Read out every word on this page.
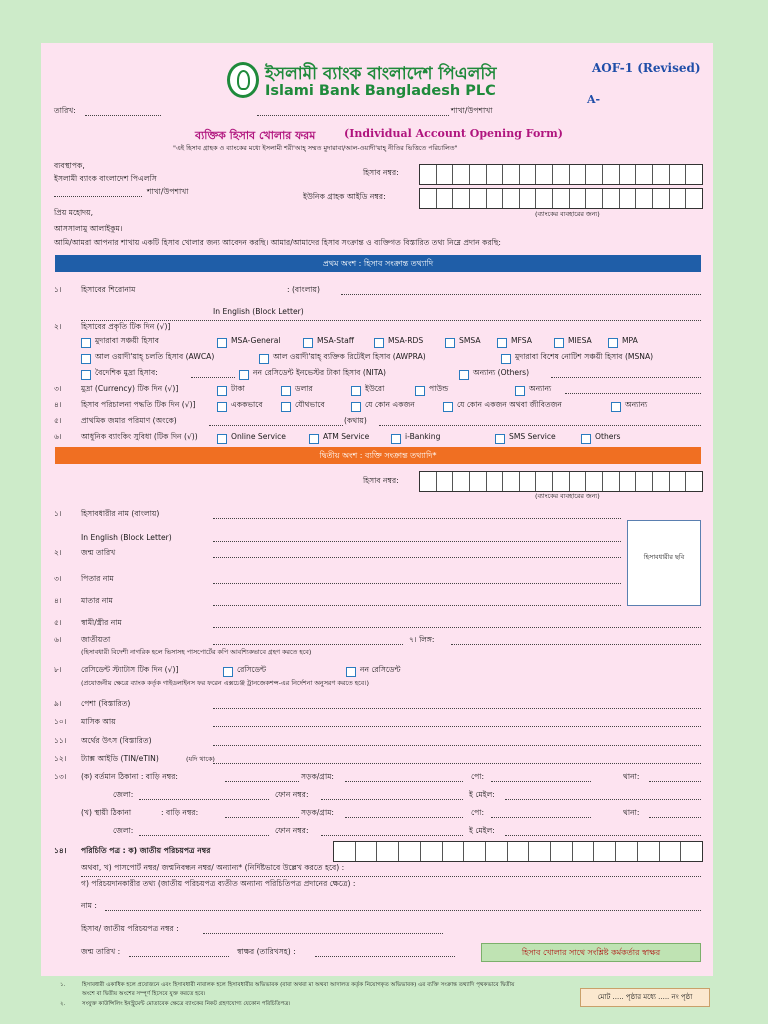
ইসলামী ব্যাংক বাংলাদেশ পিএলসি
Islami Bank Bangladesh PLC
AOF-1 (Revised)
A-
তারিখ:	শাখা/উপশাখা
ব্যক্তিক হিসাব খোলার ফরম	(Individual Account Opening Form)
"এই হিসাব গ্রাহক ও ব্যাংকের মধ্যে ইসলামী শরী'আহ্ সম্মত মুদারাবা/আল-ওয়াদী'য়াহ্ নীতির ভিত্তিতে পরিচালিত"
ব্যবস্থাপক,
ইসলামী ব্যাংক বাংলাদেশ পিএলসি
শাখা/উপশাখা
হিসাব নম্বর:
ইউনিক গ্রাহক আইডি নম্বর:
(ব্যাংকের ব্যবহারের জন্য)
প্রিয় মহোদয়,
আসসালামু আলাইকুম।
আমি/আমরা আপনার শাখায় একটি হিসাব খোলার জন্য আবেদন করছি। আমার/আমাদের হিসাব সংক্রান্ত ও ব্যক্তিগত বিস্তারিত তথ্য নিম্নে প্রদান করছি:
প্রথম অংশ : হিসাব সংক্রান্ত তথ্যাদি
১।	হিসাবের শিরোনাম	: (বাংলায়)
In English (Block Letter)
২।	হিসাবের প্রকৃতি টিক দিন (√)]
মুদারাবা সঞ্চয়ী হিসাব	MSA-General	MSA-Staff	MSA-RDS	SMSA	MFSA	MIESA	MPA
আল ওয়াদী'য়াহ্ চলতি হিসাব (AWCA)	আল ওয়াদী'য়াহ্ ব্যক্তিক রিটেইল হিসাব (AWPRA)	মুদারাবা বিশেষ নোটিশ সঞ্চয়ী হিসাব (MSNA)
বৈদেশিক মুদ্রা হিসাব:	নন রেসিডেন্ট ইনভেস্টর টাকা হিসাব (NITA)	অন্যান্য (Others)
৩।	মুদ্রা (Currency) টিক দিন (√)]	টাকা	ডলার	ইউরো	পাউন্ড	অন্যান্য
৪।	হিসাব পরিচালনা পদ্ধতি টিক দিন (√)]	এককভাবে	যৌথভাবে	যে কোন একজন	যে কোন একজন অথবা জীবিতজন	অন্যান্য
৫।	প্রাথমিক জমার পরিমাণ (অংকে)	(কথায়)
৬।	আধুনিক ব্যাংকিং সুবিধা (টিক দিন (√))	Online Service	ATM Service	i-Banking	SMS Service	Others
দ্বিতীয় অংশ : ব্যক্তি সংক্রান্ত তথ্যাদি*
হিসাব নম্বর:
(ব্যাংকের ব্যবহারের জন্য)
হিসাবধারীর ছবি
১।	হিসাবধারীর নাম (বাংলায়)
In English (Block Letter)
২।	জন্ম তারিখ
৩।	পিতার নাম
৪।	মাতার নাম
৫।	স্বামী/স্ত্রীর নাম
৬।	জাতীয়তা	৭। লিঙ্গ:
(হিসাবধারী বিদেশী নাগরিক হলে ভিসাসহ পাসপোর্টের কপি আবশ্যিকভাবে গ্রহণ করতে হবে)
৮।	রেসিডেন্ট স্ট্যাটাস টিক দিন (√)]	রেসিডেন্ট	নন রেসিডেন্ট
(প্রযোজনীয় ক্ষেত্রে ব্যাংক কর্তৃক গাইডলাইনস ফর ফরেন এক্সচেঞ্জ ট্রানজেকশন্স-এর নির্দেশনা অনুসরণ করতে হবে।)
৯।	পেশা (বিস্তারিত)
১০। মাসিক আয়
১১। অর্থের উৎস (বিস্তারিত)
১২। ট্যাক্স আইডি (TIN/eTIN)	(যদি থাকে)
১৩। (ক) বর্তমান ঠিকানা : বাড়ি নম্বর:	সড়ক/গ্রাম:	পো:	থানা:
জেলা:	ফোন নম্বর:	ই মেইল:
(খ) স্থায়ী ঠিকানা	: বাড়ি নম্বর:	সড়ক/গ্রাম:	পো:	থানা:
জেলা:	ফোন নম্বর:	ই মেইল:
১৪। পরিচিতি পত্র : ক) জাতীয় পরিচয়পত্র নম্বর
অথবা, খ) পাসপোর্ট নম্বর/ জন্মনিবন্ধন নম্বর/ অন্যান্য* (নির্দিষ্টভাবে উল্লেখ করতে হবে) :
গ) পরিচয়দানকারীর তথ্য (জাতীয় পরিচয়পত্র ব্যতীত অন্যান্য পরিচিতিপত্র প্রদানের ক্ষেত্রে) :
নাম :
হিসাব/ জাতীয় পরিচয়পত্র নম্বর :
জন্ম তারিখ :	স্বাক্ষর (তারিখসহ) :	হিসাব খোলার সাথে সংশ্লিষ্ট কর্মকর্তার স্বাক্ষর
১.	হিসাবধারী একাধিক হলে প্রযোজনে এবং হিসাবধারী নাবালক হলে হিসাবধারীর অভিভাবক (বাবা অথবা মা অথবা আদালত কর্তৃক নিয়োগকৃত অভিভাবক) এর ব্যক্তি সংক্রান্ত তথ্যাদি পৃথকভাবে দ্বিতীয়
অংশে বা দ্বিতীয় অংশের সম্পূর্ণ হিসেবে যুক্ত করতে হবে।
২.	সংযুক্ত কাউন্সিলিং ইনস্ট্রুমেন্ট মোতাবেক ক্ষেত্রে ব্যাংকের নিকট গ্রহণযোগ্য যেকোন পরিচিতিপত্র।
মোট ..... পৃষ্ঠার মধ্যে ..... নং পৃষ্ঠা
